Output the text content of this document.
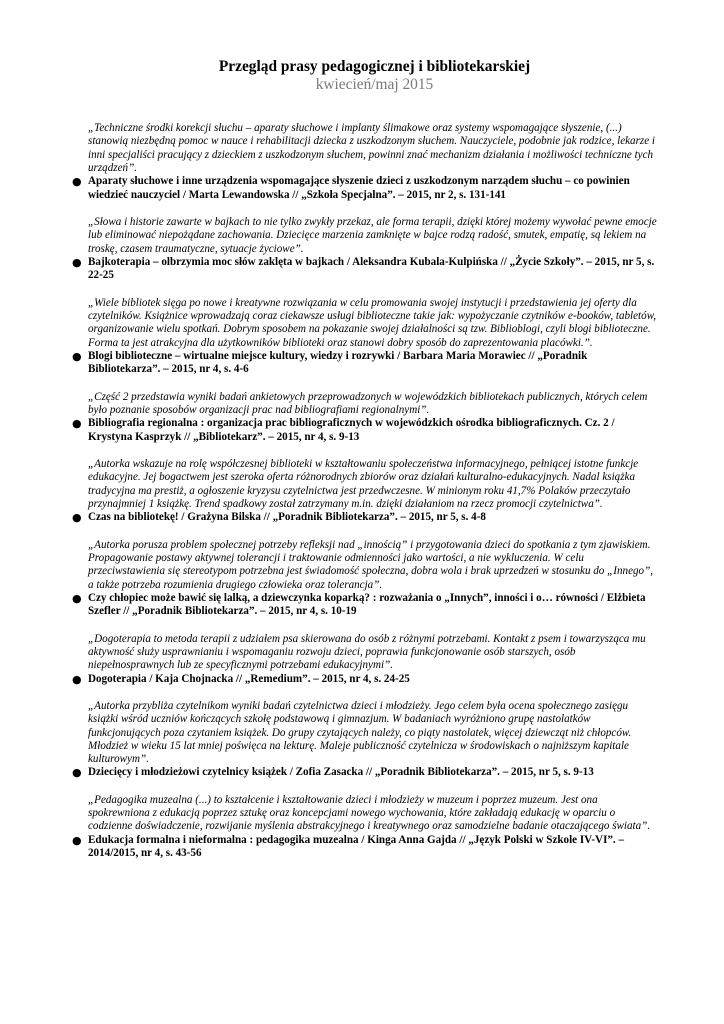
Przegląd prasy pedagogicznej i bibliotekarskiej

kwiecień/maj 2015

„Techniczne środki korekcji słuchu – aparaty słuchowe i implanty ślimakowe oraz systemy wspomagające słyszenie, (...) stanowią niezbędną pomoc w nauce i rehabilitacji dziecka z uszkodzonym słuchem. Nauczyciele, podobnie jak rodzice, lekarze i inni specjaliści pracujący z dzieckiem z uszkodzonym słuchem, powinni znać mechanizm działania i możliwości techniczne tych urządzeń”.

● Aparaty słuchowe i inne urządzenia wspomagające słyszenie dzieci z uszkodzonym narządem słuchu – co powinien wiedzieć nauczyciel / Marta Lewandowska // „Szkoła Specjalna”. – 2015, nr 2, s. 131-141

„Słowa i historie zawarte w bajkach to nie tylko zwykły przekaz, ale forma terapii, dzięki której możemy wywołać pewne emocje lub eliminować niepożądane zachowania. Dziecięce marzenia zamknięte w bajce rodzą radość, smutek, empatię, są lekiem na troskę, czasem traumatyczne, sytuacje życiowe”.

● Bajkoterapia – olbrzymia moc słów zaklęta w bajkach / Aleksandra Kubala-Kulpińska // „Życie Szkoły”. – 2015, nr 5, s. 22-25

„Wiele bibliotek sięga po nowe i kreatywne rozwiązania w celu promowania swojej instytucji i przedstawienia jej oferty dla czytelników. Książnice wprowadzają coraz ciekawsze usługi biblioteczne takie jak: wypożyczanie czytników e-booków, tabletów, organizowanie wielu spotkań. Dobrym sposobem na pokazanie swojej działalności są tzw. Biblioblogi, czyli blogi biblioteczne. Forma ta jest atrakcyjna dla użytkowników biblioteki oraz stanowi dobry sposób do zaprezentowania placówki.”.

● Blogi biblioteczne – wirtualne miejsce kultury, wiedzy i rozrywki / Barbara Maria Morawiec // „Poradnik Bibliotekarza”. – 2015, nr 4, s. 4-6

„Część 2 przedstawia wyniki badań ankietowych przeprowadzonych w wojewódzkich bibliotekach publicznych, których celem było poznanie sposobów organizacji prac nad bibliografiami regionalnymi”.

● Bibliografia regionalna : organizacja prac bibliograficznych w wojewódzkich ośrodka bibliograficznych. Cz. 2 / Krystyna Kasprzyk // „Bibliotekarz”. – 2015, nr 4, s. 9-13

„Autorka wskazuje na rolę współczesnej biblioteki w kształtowaniu społeczeństwa informacyjnego, pełniącej istotne funkcje edukacyjne. Jej bogactwem jest szeroka oferta różnorodnych zbiorów oraz działań kulturalno-edukacyjnych. Nadal książka tradycyjna ma prestiż, a ogłoszenie kryzysu czytelnictwa jest przedwczesne. W minionym roku 41,7% Polaków przeczytało przynajmniej 1 książkę. Trend spadkowy został zatrzymany m.in. dzięki działaniom na rzecz promocji czytelnictwa”.

● Czas na bibliotekę! / Grażyna Bilska // „Poradnik Bibliotekarza”. – 2015, nr 5, s. 4-8

„Autorka porusza problem społecznej potrzeby refleksji nad „innością” i przygotowania dzieci do spotkania z tym zjawiskiem. Propagowanie postawy aktywnej tolerancji i traktowanie odmienności jako wartości, a nie wykluczenia. W celu przeciwstawienia się stereotypom potrzebna jest świadomość społeczna, dobra wola i brak uprzedzeń w stosunku do „Innego”, a także potrzeba rozumienia drugiego człowieka oraz tolerancja”.

● Czy chłopiec może bawić się lalką, a dziewczynka koparką? : rozważania o „Innych”, inności i o… równości / Elżbieta Szefler // „Poradnik Bibliotekarza”. – 2015, nr 4, s. 10-19

„Dogoterapia to metoda terapii z udziałem psa skierowana do osób z różnymi potrzebami. Kontakt z psem i towarzysząca mu aktywność służy usprawnianiu i wspomaganiu rozwoju dzieci, poprawia funkcjonowanie osób starszych, osób niepełnosprawnych lub ze specyficznymi potrzebami edukacyjnymi”.

● Dogoterapia / Kaja Chojnacka // „Remedium”. – 2015, nr 4, s. 24-25

„Autorka przybliża czytelnikom wyniki badań czytelnictwa dzieci i młodzieży. Jego celem była ocena społecznego zasięgu książki wśród uczniów kończących szkołę podstawową i gimnazjum. W badaniach wyróżniono grupę nastolatków funkcjonujących poza czytaniem książek. Do grupy czytających należy, co piąty nastolatek, więcej dziewcząt niż chłopców. Młodzież w wieku 15 lat mniej poświęca na lekturę. Maleje publiczność czytelnicza w środowiskach o najniższym kapitale kulturowym”.

● Dziecięcy i młodzieżowi czytelnicy książek / Zofia Zasacka // „Poradnik Bibliotekarza”. – 2015, nr 5, s. 9-13

„Pedagogika muzealna (...) to kształcenie i kształtowanie dzieci i młodzieży w muzeum i poprzez muzeum. Jest ona spokrewniona z edukacją poprzez sztukę oraz koncepcjami nowego wychowania, które zakładają edukację w oparciu o codzienne doświadczenie, rozwijanie myślenia abstrakcyjnego i kreatywnego oraz samodzielne badanie otaczającego świata”.

● Edukacja formalna i nieformalna : pedagogika muzealna / Kinga Anna Gajda // „Język Polski w Szkole IV-VI”. – 2014/2015, nr 4, s. 43-56
